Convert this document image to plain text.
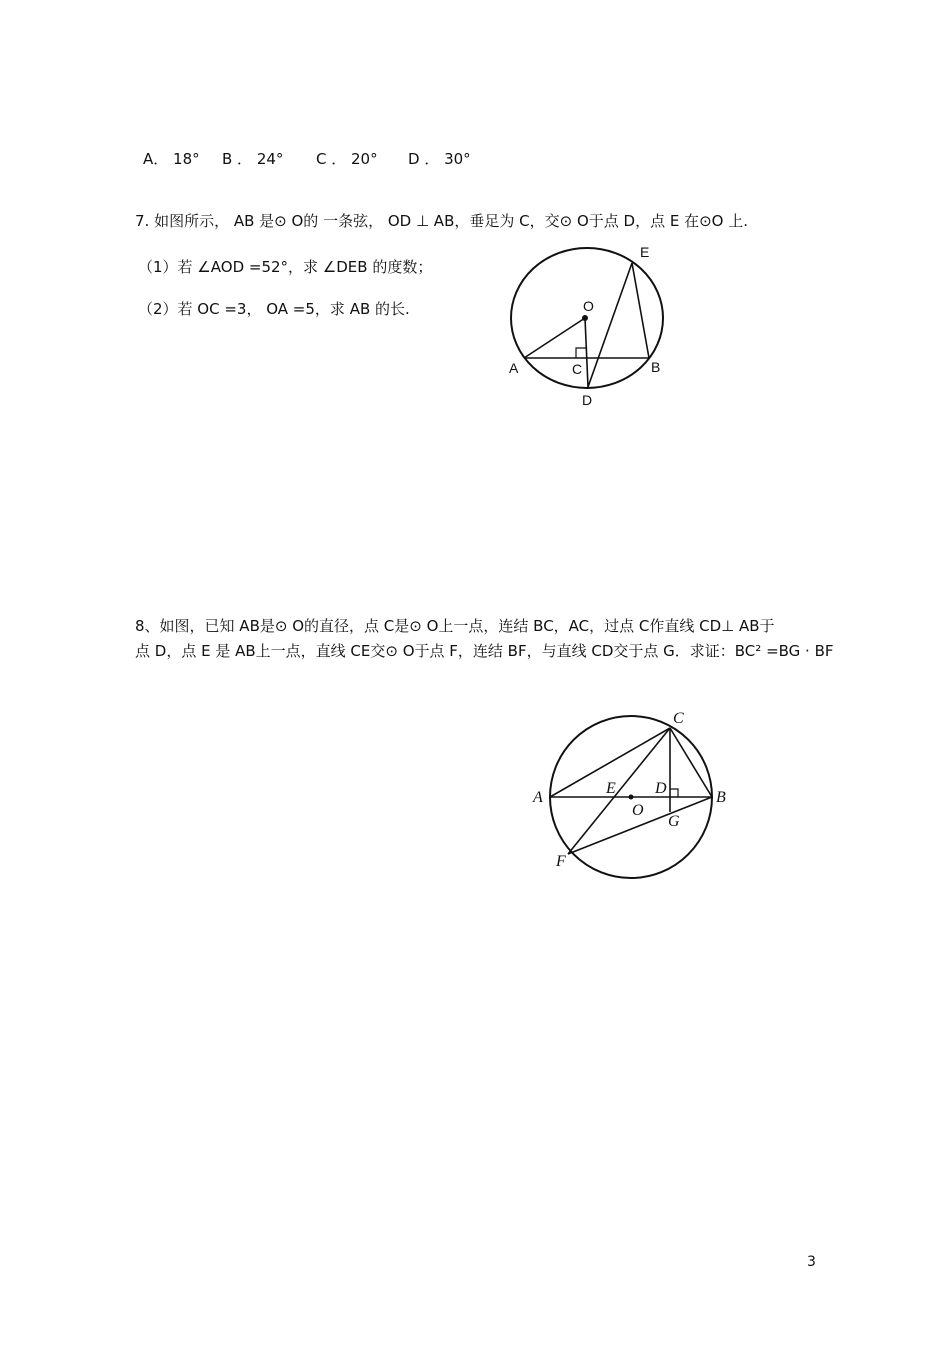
A． 18° B ． 24° C ． 20° D ． 30°
7. 如图所示， AB 是⊙ O的 一条弦， OD ⊥ AB，垂足为 C，交⊙ O于点 D，点 E 在⊙O 上.
（1）若 ∠AOD =52°，求 ∠DEB 的度数；
（2）若 OC =3， OA =5，求 AB 的长.
E
O
A	C	B
D
8、如图，已知 AB是⊙ O的直径，点 C是⊙ O上一点，连结 BC，AC，过点 C作直线 CD⊥ AB于
点 D，点 E 是 AB上一点，直线 CE交⊙ O于点 F，连结 BF，与直线 CD交于点 G．求证：BC² =BG · BF
C
A
E D
B
O
G
F
3
